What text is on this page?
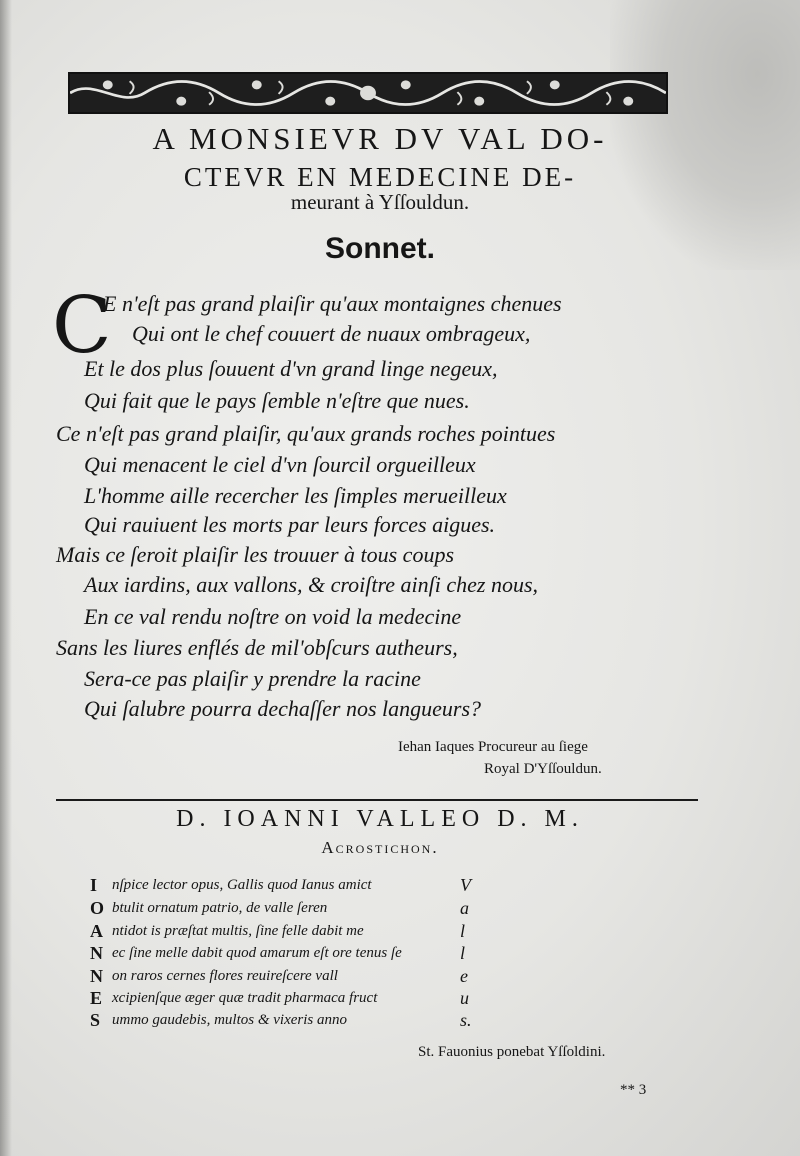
A MONSIEVR DV VAL DO-
CTEVR EN MEDECINE DE-
meurant à Yſſouldun.
Sonnet.
C
E n'eſt pas grand plaiſir qu'aux montaignes chenues
Qui ont le chef couuert de nuaux ombrageux,
Et le dos plus ſouuent d'vn grand linge negeux,
Qui fait que le pays ſemble n'eſtre que nues.
Ce n'eſt pas grand plaiſir, qu'aux grands roches pointues
Qui menacent le ciel d'vn ſourcil orgueilleux
L'homme aille recercher les ſimples merueilleux
Qui rauiuent les morts par leurs forces aigues.
Mais ce ſeroit plaiſir les trouuer à tous coups
Aux iardins, aux vallons, & croiſtre ainſi chez nous,
En ce val rendu noſtre on void la medecine
Sans les liures enflés de mil'obſcurs autheurs,
Sera-ce pas plaiſir y prendre la racine
Qui ſalubre pourra dechaſſer nos langueurs?
Iehan Iaques Procureur au ſiege
Royal D'Yſſouldun.
D. IOANNI VALLEO D. M.
Acrostichon.
I nſpice lector opus, Gallis quod Ianus amict	V
O btulit ornatum patrio, de valle ſeren	a
A ntidot is præſtat multis, ſine felle dabit me	l
N ec ſine melle dabit quod amarum eſt ore tenus ſe	l
N on raros cernes flores reuireſcere vall	e
E xcipienſque æger quæ tradit pharmaca fruct	u
S ummo gaudebis, multos & vixeris anno	s.
St. Fauonius ponebat Yſſoldini.
** 3
